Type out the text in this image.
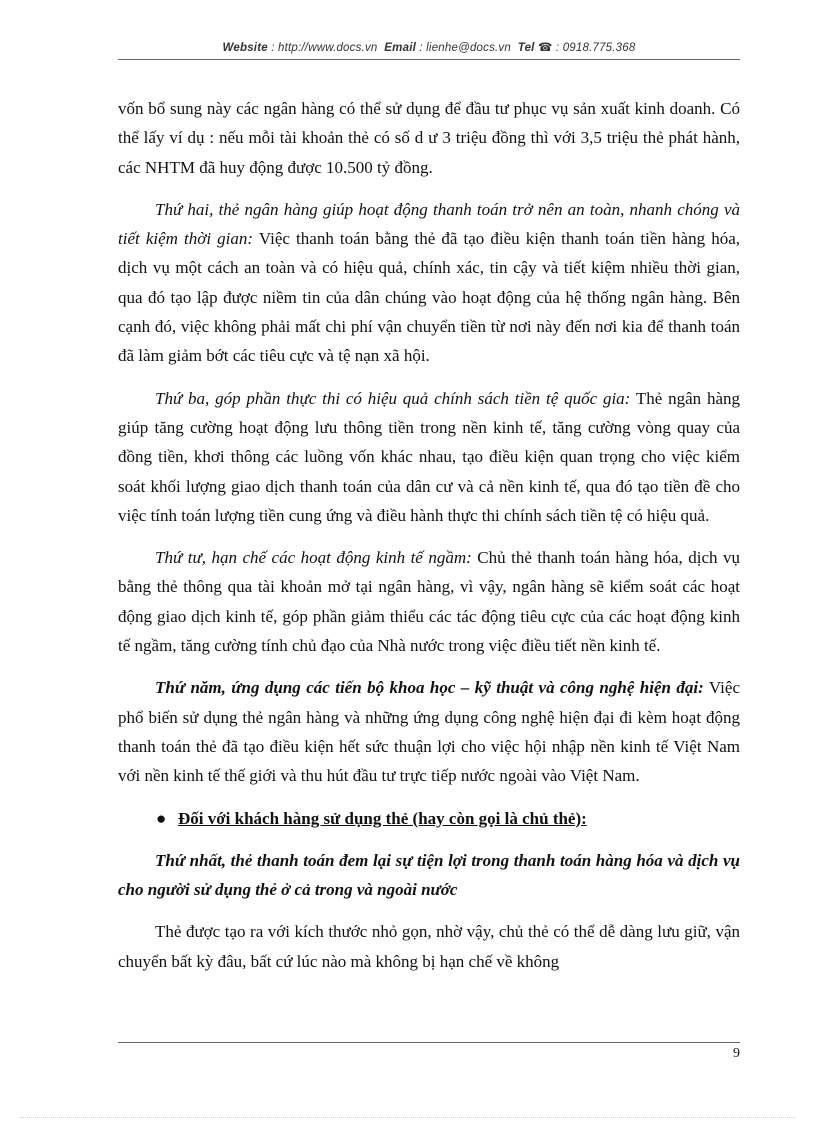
Website : http://www.docs.vn Email : lienhe@docs.vn Tel ☎ : 0918.775.368

vốn bổ sung này các ngân hàng có thể sử dụng để đầu tư phục vụ sản xuất kinh doanh. Có thể lấy ví dụ : nếu mỗi tài khoản thẻ có số d ư 3 triệu đồng thì với 3,5 triệu thẻ phát hành, các NHTM đã huy động được 10.500 tỷ đồng.

Thứ hai, thẻ ngân hàng giúp hoạt động thanh toán trở nên an toàn, nhanh chóng và tiết kiệm thời gian: Việc thanh toán bằng thẻ đã tạo điều kiện thanh toán tiền hàng hóa, dịch vụ một cách an toàn và có hiệu quả, chính xác, tin cậy và tiết kiệm nhiều thời gian, qua đó tạo lập được niềm tin của dân chúng vào hoạt động của hệ thống ngân hàng. Bên cạnh đó, việc không phải mất chi phí vận chuyển tiền từ nơi này đến nơi kia để thanh toán đã làm giảm bớt các tiêu cực và tệ nạn xã hội.

Thứ ba, góp phần thực thi có hiệu quả chính sách tiền tệ quốc gia: Thẻ ngân hàng giúp tăng cường hoạt động lưu thông tiền trong nền kinh tế, tăng cường vòng quay của đồng tiền, khơi thông các luồng vốn khác nhau, tạo điều kiện quan trọng cho việc kiểm soát khối lượng giao dịch thanh toán của dân cư và cả nền kinh tế, qua đó tạo tiền đề cho việc tính toán lượng tiền cung ứng và điều hành thực thi chính sách tiền tệ có hiệu quả.

Thứ tư, hạn chế các hoạt động kinh tế ngầm: Chủ thẻ thanh toán hàng hóa, dịch vụ bằng thẻ thông qua tài khoản mở tại ngân hàng, vì vậy, ngân hàng sẽ kiểm soát các hoạt động giao dịch kinh tế, góp phần giảm thiểu các tác động tiêu cực của các hoạt động kinh tế ngầm, tăng cường tính chủ đạo của Nhà nước trong việc điều tiết nền kinh tế.

Thứ năm, ứng dụng các tiến bộ khoa học – kỹ thuật và công nghệ hiện đại: Việc phổ biến sử dụng thẻ ngân hàng và những ứng dụng công nghệ hiện đại đi kèm hoạt động thanh toán thẻ đã tạo điều kiện hết sức thuận lợi cho việc hội nhập nền kinh tế Việt Nam với nền kinh tế thế giới và thu hút đầu tư trực tiếp nước ngoài vào Việt Nam.

● Đối với khách hàng sử dụng thẻ (hay còn gọi là chủ thẻ):

Thứ nhất, thẻ thanh toán đem lại sự tiện lợi trong thanh toán hàng hóa và dịch vụ cho người sử dụng thẻ ở cả trong và ngoài nước

Thẻ được tạo ra với kích thước nhỏ gọn, nhờ vậy, chủ thẻ có thể dễ dàng lưu giữ, vận chuyển bất kỳ đâu, bất cứ lúc nào mà không bị hạn chế về không

9
